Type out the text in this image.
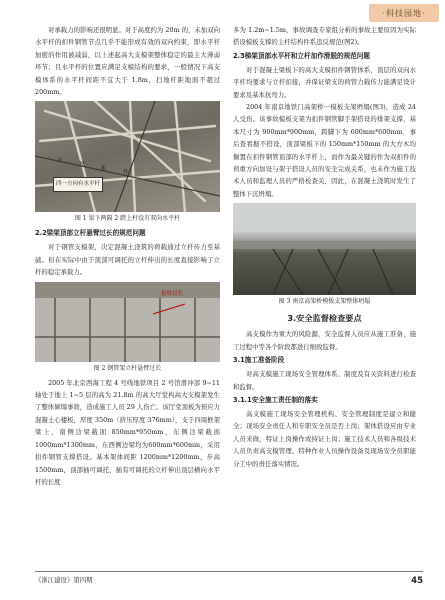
·科技园地·

对承载力的影响还很明显。对于高度约为 20m 的，未加双向水平杆的扣件钢管节点几乎不能形成有效的双向约束，即水平杆加密的作用被减弱，以上述起高大支模架整体稳定的最主大薄弱环节；且水平杆的位置应满足支模结构的要求，一般情况下高支模体系的水平杆间距不宜大于 1.8m，扫地杆距地面不超过 200mm。

支
撑
扣
件
四一方向有水平杆
图 1 梁下两隔 2 跨上杆没有双向水平杆
2.2梁架顶部立杆悬臂过长的规范问题

对于钢管支模架，决定混凝土浇筑的荷载通过立杆传力至基础。但在实际中由于顶部可调托的立杆伸出的长度直接影响了立杆的稳定承载力。

悬臂过长
图 2 钢管架立杆悬臂过长

2005 年北京西海工程 4 号线地铁项目 2 号馆滑冲部 9~11 轴处于地上 1~5 层的高为 21.8m 的高大厅堂构高大支模架发生了整体倾塌事故，造成施工人员 29 人伤亡。该厅堂顶板为预应力混凝土心楼板，厚度 350m（挤压厚度 376mm），支于四周框架梁上，南侧边梁截面 850mm*950mm，东侧边梁截面 1000mm*1300mm，东西侧边梁均为600mm*600mm，采用扣件钢管支撑搭设。基本架体间距 1200mm*1200mm，步高 1500mm，顶部插可调托，插有可调托的立杆伸出顶层横向水平杆的长度

多为 1.2m~1.5m，事故调查专家组分析的事故主要原因为实际搭设模板支撑的主杆结构件系违反规范(图2)。

2.3梯架顶部水平杆和立杆加作滑脱的规范问题

对于混凝土梁板下的高大支模扣件钢管体系，顶层的双向水平杆均要求与立杆扣接，并保证梁支的荷管力载传力能满足设计要求及基本抗弯力。

2004 年南京地铁门高架桥一模板支架坍塌(图3)，造成 24 人受伤。该事故模板支架为扣件钢管脚手架搭设的排架支撑，基本尺寸为 900mm*900mm，跨脚下为 600mm*600mm，事后查看据不搭设，顶部梁板下的 150mm*150mm 的大方木均搁置在扣件钢管顶部的水平杆上，而作为最关键的作为双扣件的荷重方向加设与架子搭设人员的安全完成关系，也未作为施工技术人员和监理人员的严格检查关，因此，在混凝土浇筑时发生了整体下沉坍塌。

图 3 南京高架桥模板支架整体坍塌
3.安全监督检查要点

高支模作为重大的风险源，安全监督人员应从施工准备、施工过程中等各个阶段都进行细致监督。

3.1施工准备阶段

对高支模施工现场安全管理体系、制度及有关资料进行检查和监督。

3.1.1安全施工责任制的落实

高支模施工现场安全管理机构、安全管理制度是建立和健全；现场安全责任人和专职安全员是否上岗；架体搭设应由专业人员来做，特证上岗操作或持证上岗；施工技术人员和各级技术人员负责高支模管理、特种作业人员操作设备及现场安全员职能分工中的责任落实情况。

《浙江建设》第四期	45
